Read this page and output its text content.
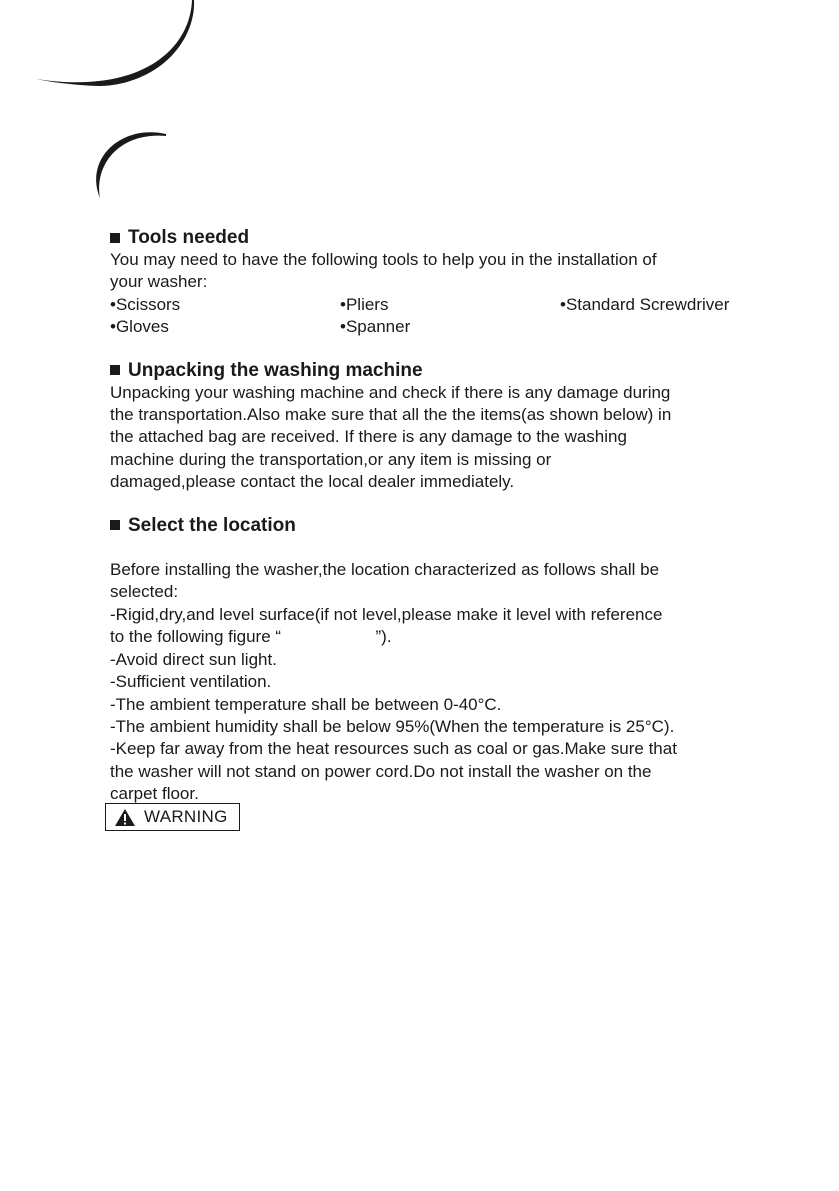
Tools needed

You may need to have the following tools to help you in the installation of
your washer:

•Scissors	•Pliers	•Standard Screwdriver
•Gloves	•Spanner
Unpacking the washing machine

Unpacking your washing machine and check if there is any damage during
the transportation.Also make sure that all the the items(as shown below) in
the attached bag are received. If there is any damage to the washing
machine during the transportation,or any item is missing or
damaged,please contact the local dealer immediately.

Select the location

Before installing the washer,the location characterized as follows shall be
selected:
-Rigid,dry,and level surface(if not level,please make it level with reference
to the following figure “                    ”).
-Avoid direct sun light.
-Sufficient ventilation.
-The ambient temperature shall be between 0-40°C.
-The ambient humidity shall be below 95%(When the temperature is 25°C).
-Keep far away from the heat resources such as coal or gas.Make sure that
the washer will not stand on power cord.Do not install the washer on the
carpet floor.

WARNING
